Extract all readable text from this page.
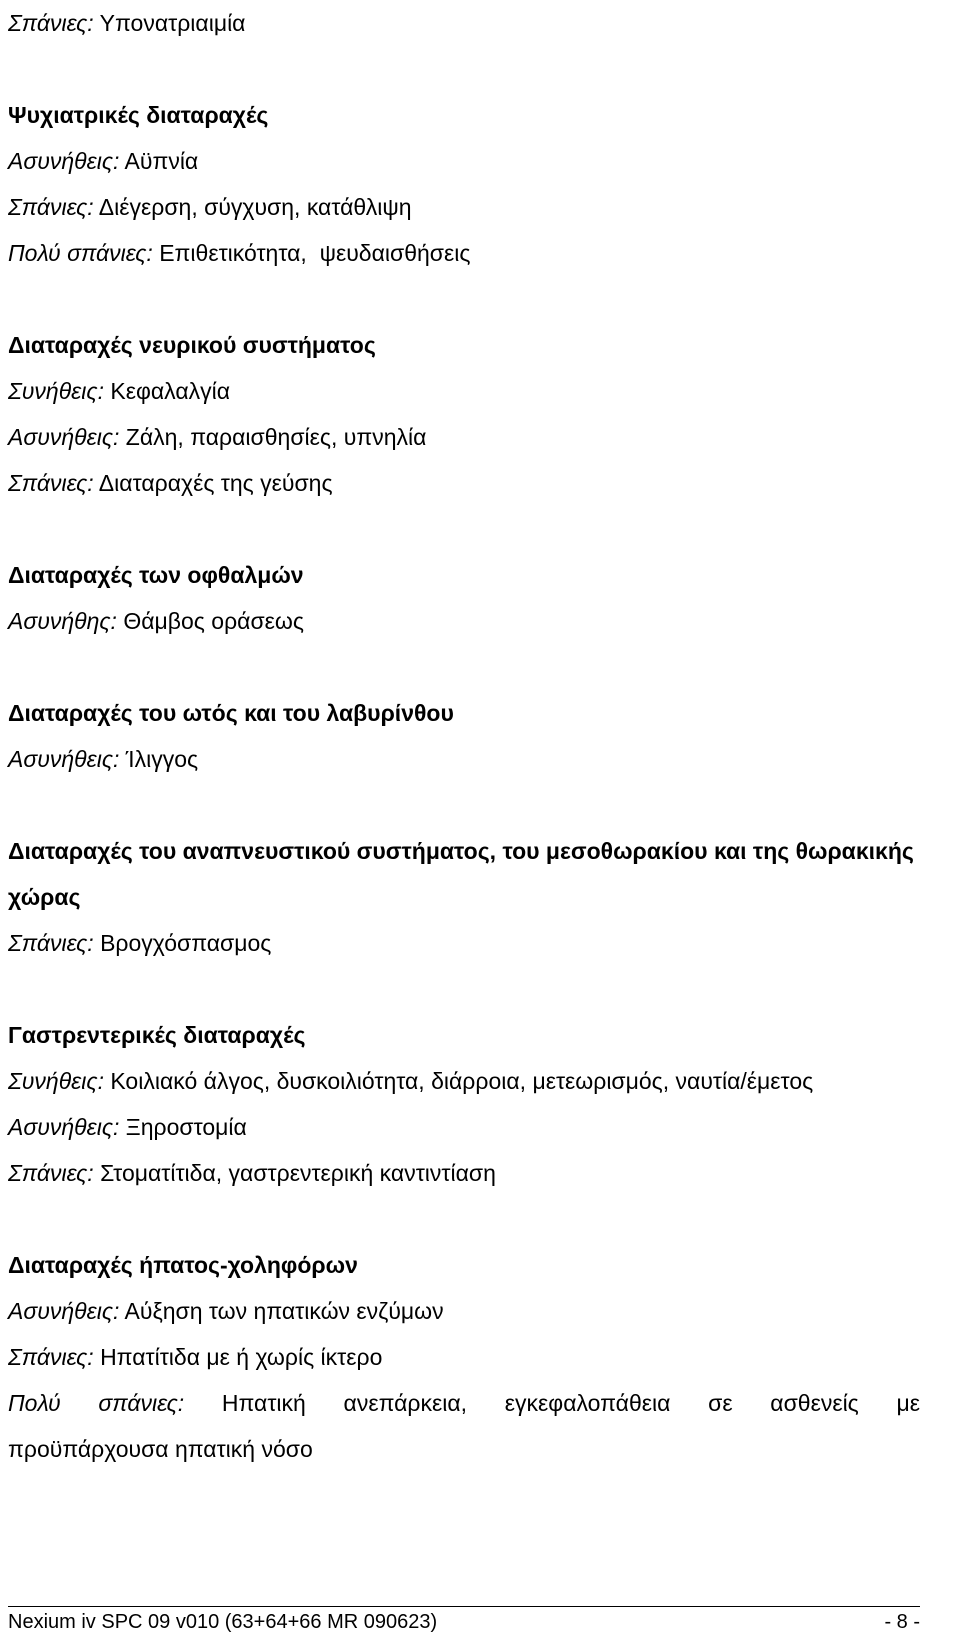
Σπάνιες: Υπονατριαιμία
Ψυχιατρικές διαταραχές
Ασυνήθεις: Αϋπνία
Σπάνιες: Διέγερση, σύγχυση, κατάθλιψη
Πολύ σπάνιες: Επιθετικότητα,  ψευδαισθήσεις
Διαταραχές νευρικού συστήματος
Συνήθεις: Κεφαλαλγία
Ασυνήθεις: Ζάλη, παραισθησίες, υπνηλία
Σπάνιες: Διαταραχές της γεύσης
Διαταραχές των οφθαλμών
Ασυνήθης: Θάμβος οράσεως
Διαταραχές του ωτός και του λαβυρίνθου
Ασυνήθεις: Ίλιγγος
Διαταραχές του αναπνευστικού συστήματος, του μεσοθωρακίου και της θωρακικής χώρας
Σπάνιες: Βρογχόσπασμος
Γαστρεντερικές διαταραχές
Συνήθεις: Κοιλιακό άλγος, δυσκοιλιότητα, διάρροια, μετεωρισμός, ναυτία/έμετος
Ασυνήθεις: Ξηροστομία
Σπάνιες: Στοματίτιδα, γαστρεντερική καντιντίαση
Διαταραχές ήπατος-χοληφόρων
Ασυνήθεις: Αύξηση των ηπατικών ενζύμων
Σπάνιες: Ηπατίτιδα με ή χωρίς ίκτερο
Πολύ σπάνιες: Ηπατική ανεπάρκεια, εγκεφαλοπάθεια σε ασθενείς με
προϋπάρχουσα ηπατική νόσο
Nexium iv SPC 09 v010 (63+64+66 MR 090623)	- 8 -
